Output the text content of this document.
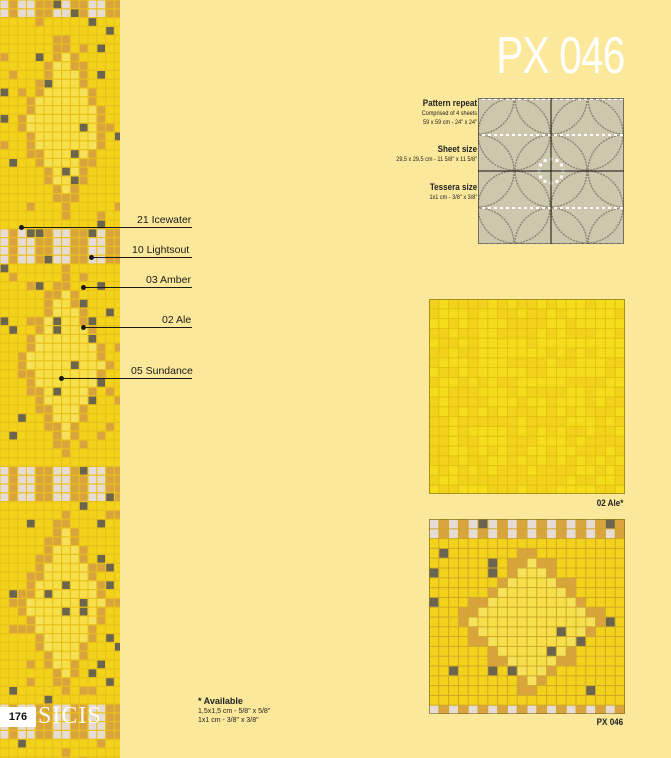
PX 046
Pattern repeat
Comprised of 4 sheets
59 x 59 cm - 24" x 24"
Sheet size
29,5 x 29,5 cm - 11 5/8" x 11 5/8"
Tessera size
1x1 cm - 3/8" x 3/8"
02 Ale*
PX 046
21 Icewater
10 Lightsout
03 Amber
02 Ale
05 Sundance
176 SICIS
* Available
1,5x1,5 cm - 5/8" x 5/8"
1x1 cm - 3/8" x 3/8"
